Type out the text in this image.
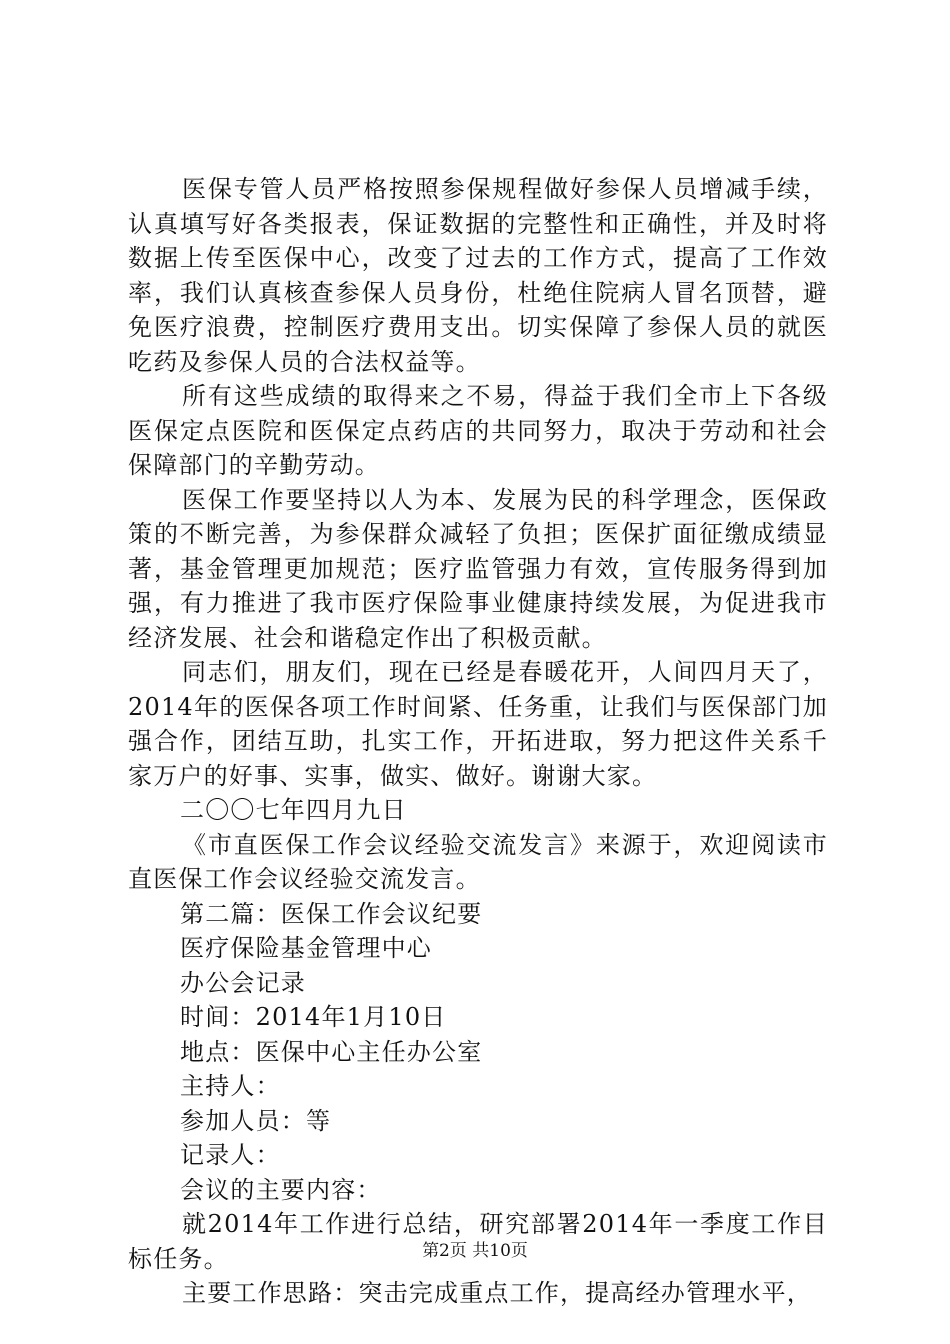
医保专管人员严格按照参保规程做好参保人员增减手续，认真填写好各类报表，保证数据的完整性和正确性，并及时将数据上传至医保中心，改变了过去的工作方式，提高了工作效率，我们认真核查参保人员身份，杜绝住院病人冒名顶替，避免医疗浪费，控制医疗费用支出。切实保障了参保人员的就医吃药及参保人员的合法权益等。

所有这些成绩的取得来之不易，得益于我们全市上下各级医保定点医院和医保定点药店的共同努力，取决于劳动和社会保障部门的辛勤劳动。

医保工作要坚持以人为本、发展为民的科学理念，医保政策的不断完善，为参保群众减轻了负担；医保扩面征缴成绩显著，基金管理更加规范；医疗监管强力有效，宣传服务得到加强，有力推进了我市医疗保险事业健康持续发展，为促进我市经济发展、社会和谐稳定作出了积极贡献。

同志们，朋友们，现在已经是春暖花开，人间四月天了，2014年的医保各项工作时间紧、任务重，让我们与医保部门加强合作，团结互助，扎实工作，开拓进取，努力把这件关系千家万户的好事、实事，做实、做好。谢谢大家。

二〇〇七年四月九日

《市直医保工作会议经验交流发言》来源于，欢迎阅读市直医保工作会议经验交流发言。

第二篇：医保工作会议纪要

医疗保险基金管理中心

办公会记录

时间：2014年1月10日

地点：医保中心主任办公室

主持人：

参加人员：等

记录人：

会议的主要内容：

就2014年工作进行总结，研究部署2014年一季度工作目标任务。

主要工作思路：突击完成重点工作，提高经办管理水平，

第2页 共10页
